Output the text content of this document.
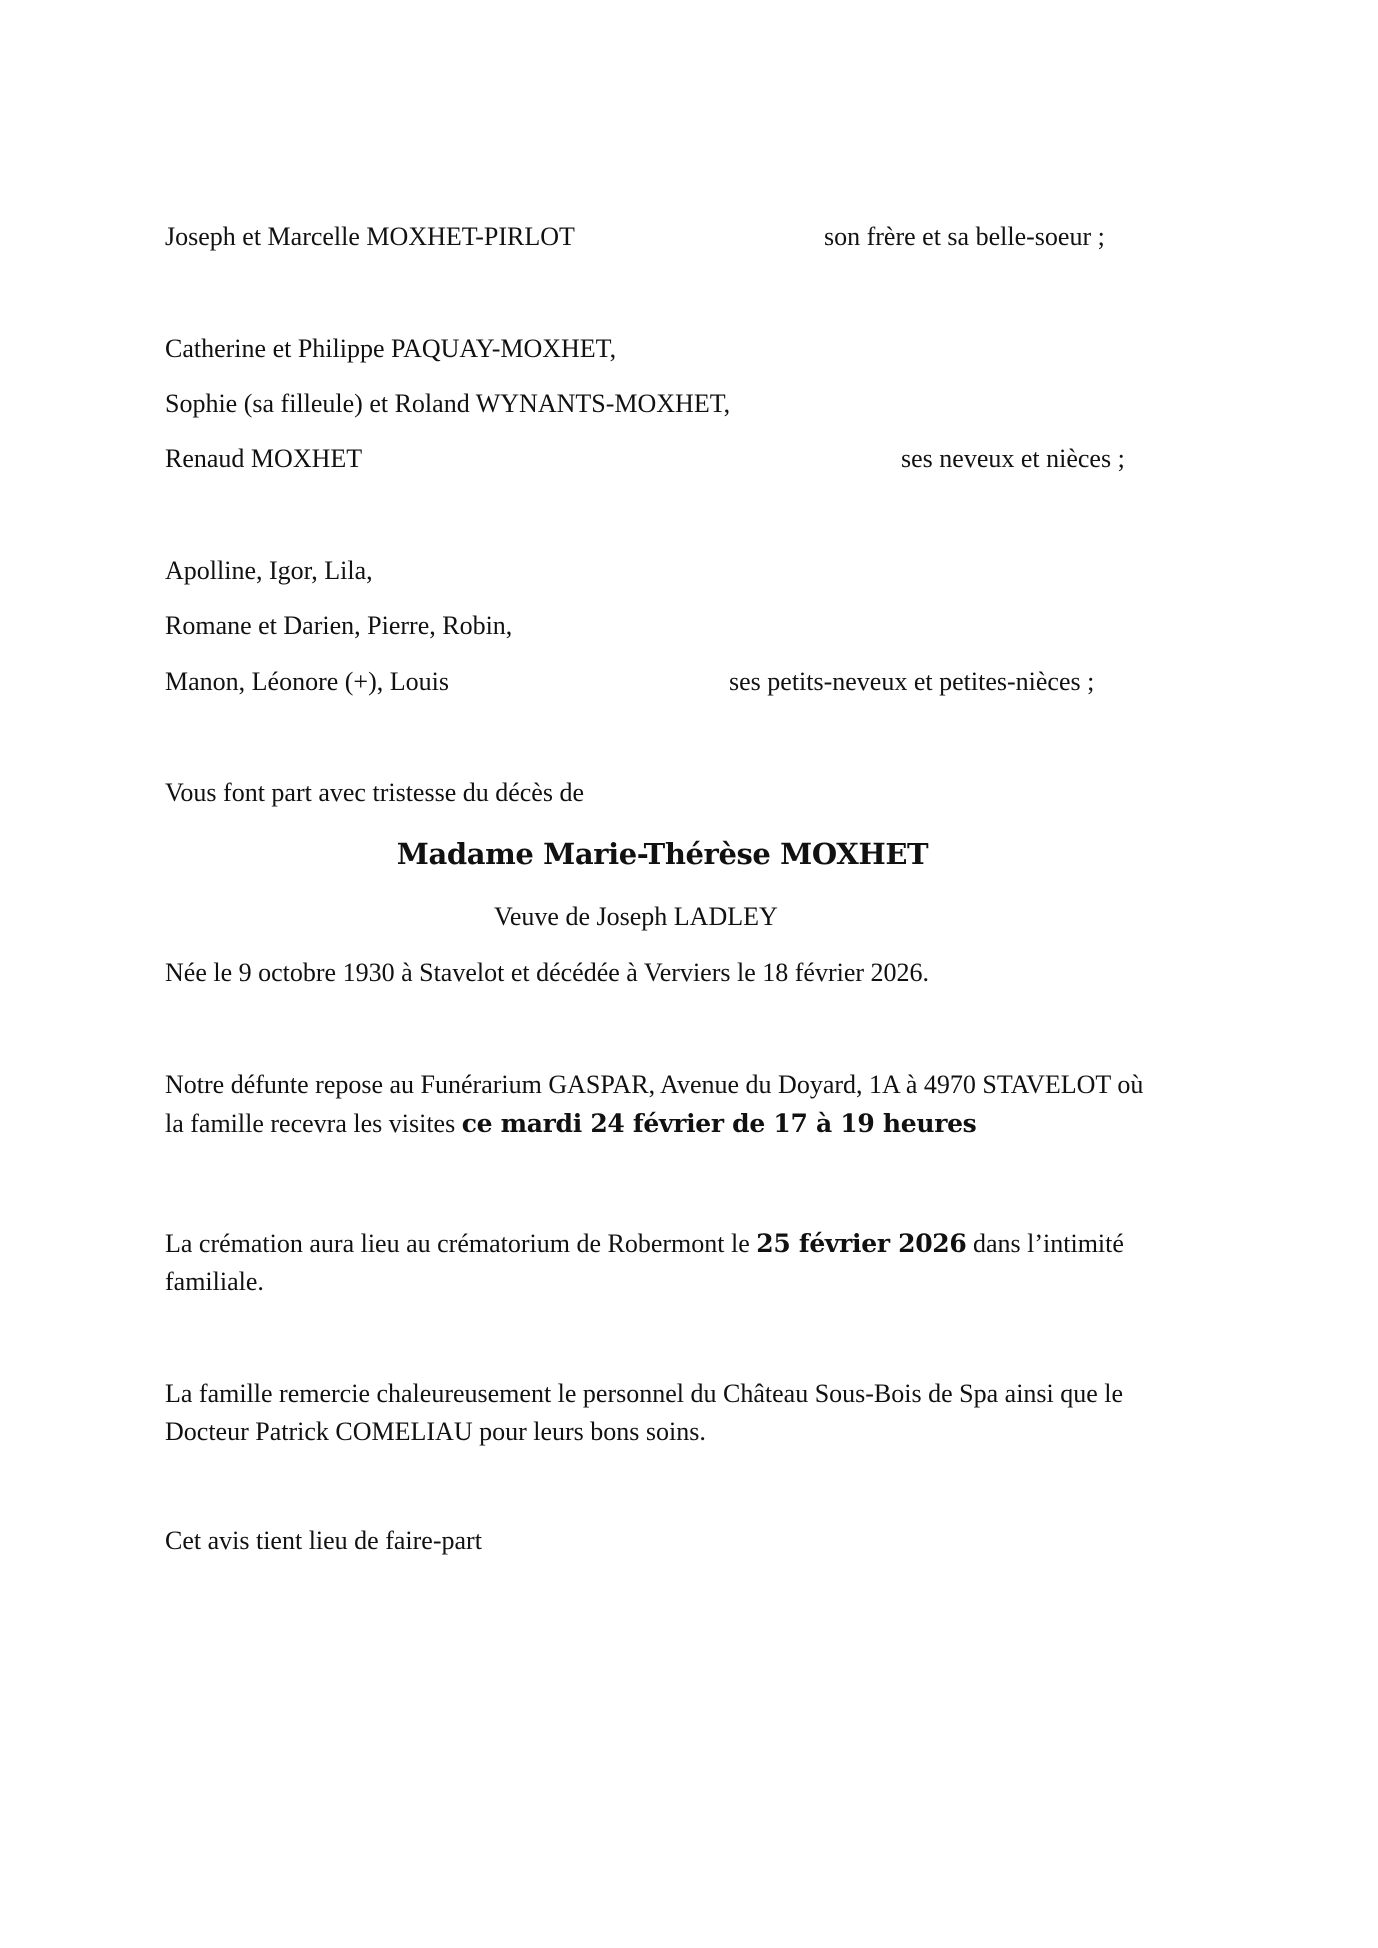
Joseph et Marcelle MOXHET-PIRLOT	son frère et sa belle-soeur ;
Catherine et Philippe PAQUAY-MOXHET,
Sophie (sa filleule) et Roland WYNANTS-MOXHET,
Renaud MOXHET	ses neveux et nièces ;
Apolline, Igor, Lila,
Romane et Darien, Pierre, Robin,
Manon, Léonore (+), Louis	ses petits-neveux et petites-nièces ;
Vous font part avec tristesse du décès de
Madame Marie-Thérèse MOXHET
Veuve de Joseph LADLEY
Née le 9 octobre 1930 à Stavelot et décédée à Verviers le 18 février 2026.
Notre défunte repose au Funérarium GASPAR, Avenue du Doyard, 1A à 4970 STAVELOT où
la famille recevra les visites ce mardi 24 février de 17 à 19 heures
La crémation aura lieu au crématorium de Robermont le 25 février 2026 dans l’intimité
familiale.
La famille remercie chaleureusement le personnel du Château Sous-Bois de Spa ainsi que le
Docteur Patrick COMELIAU pour leurs bons soins.
Cet avis tient lieu de faire-part
